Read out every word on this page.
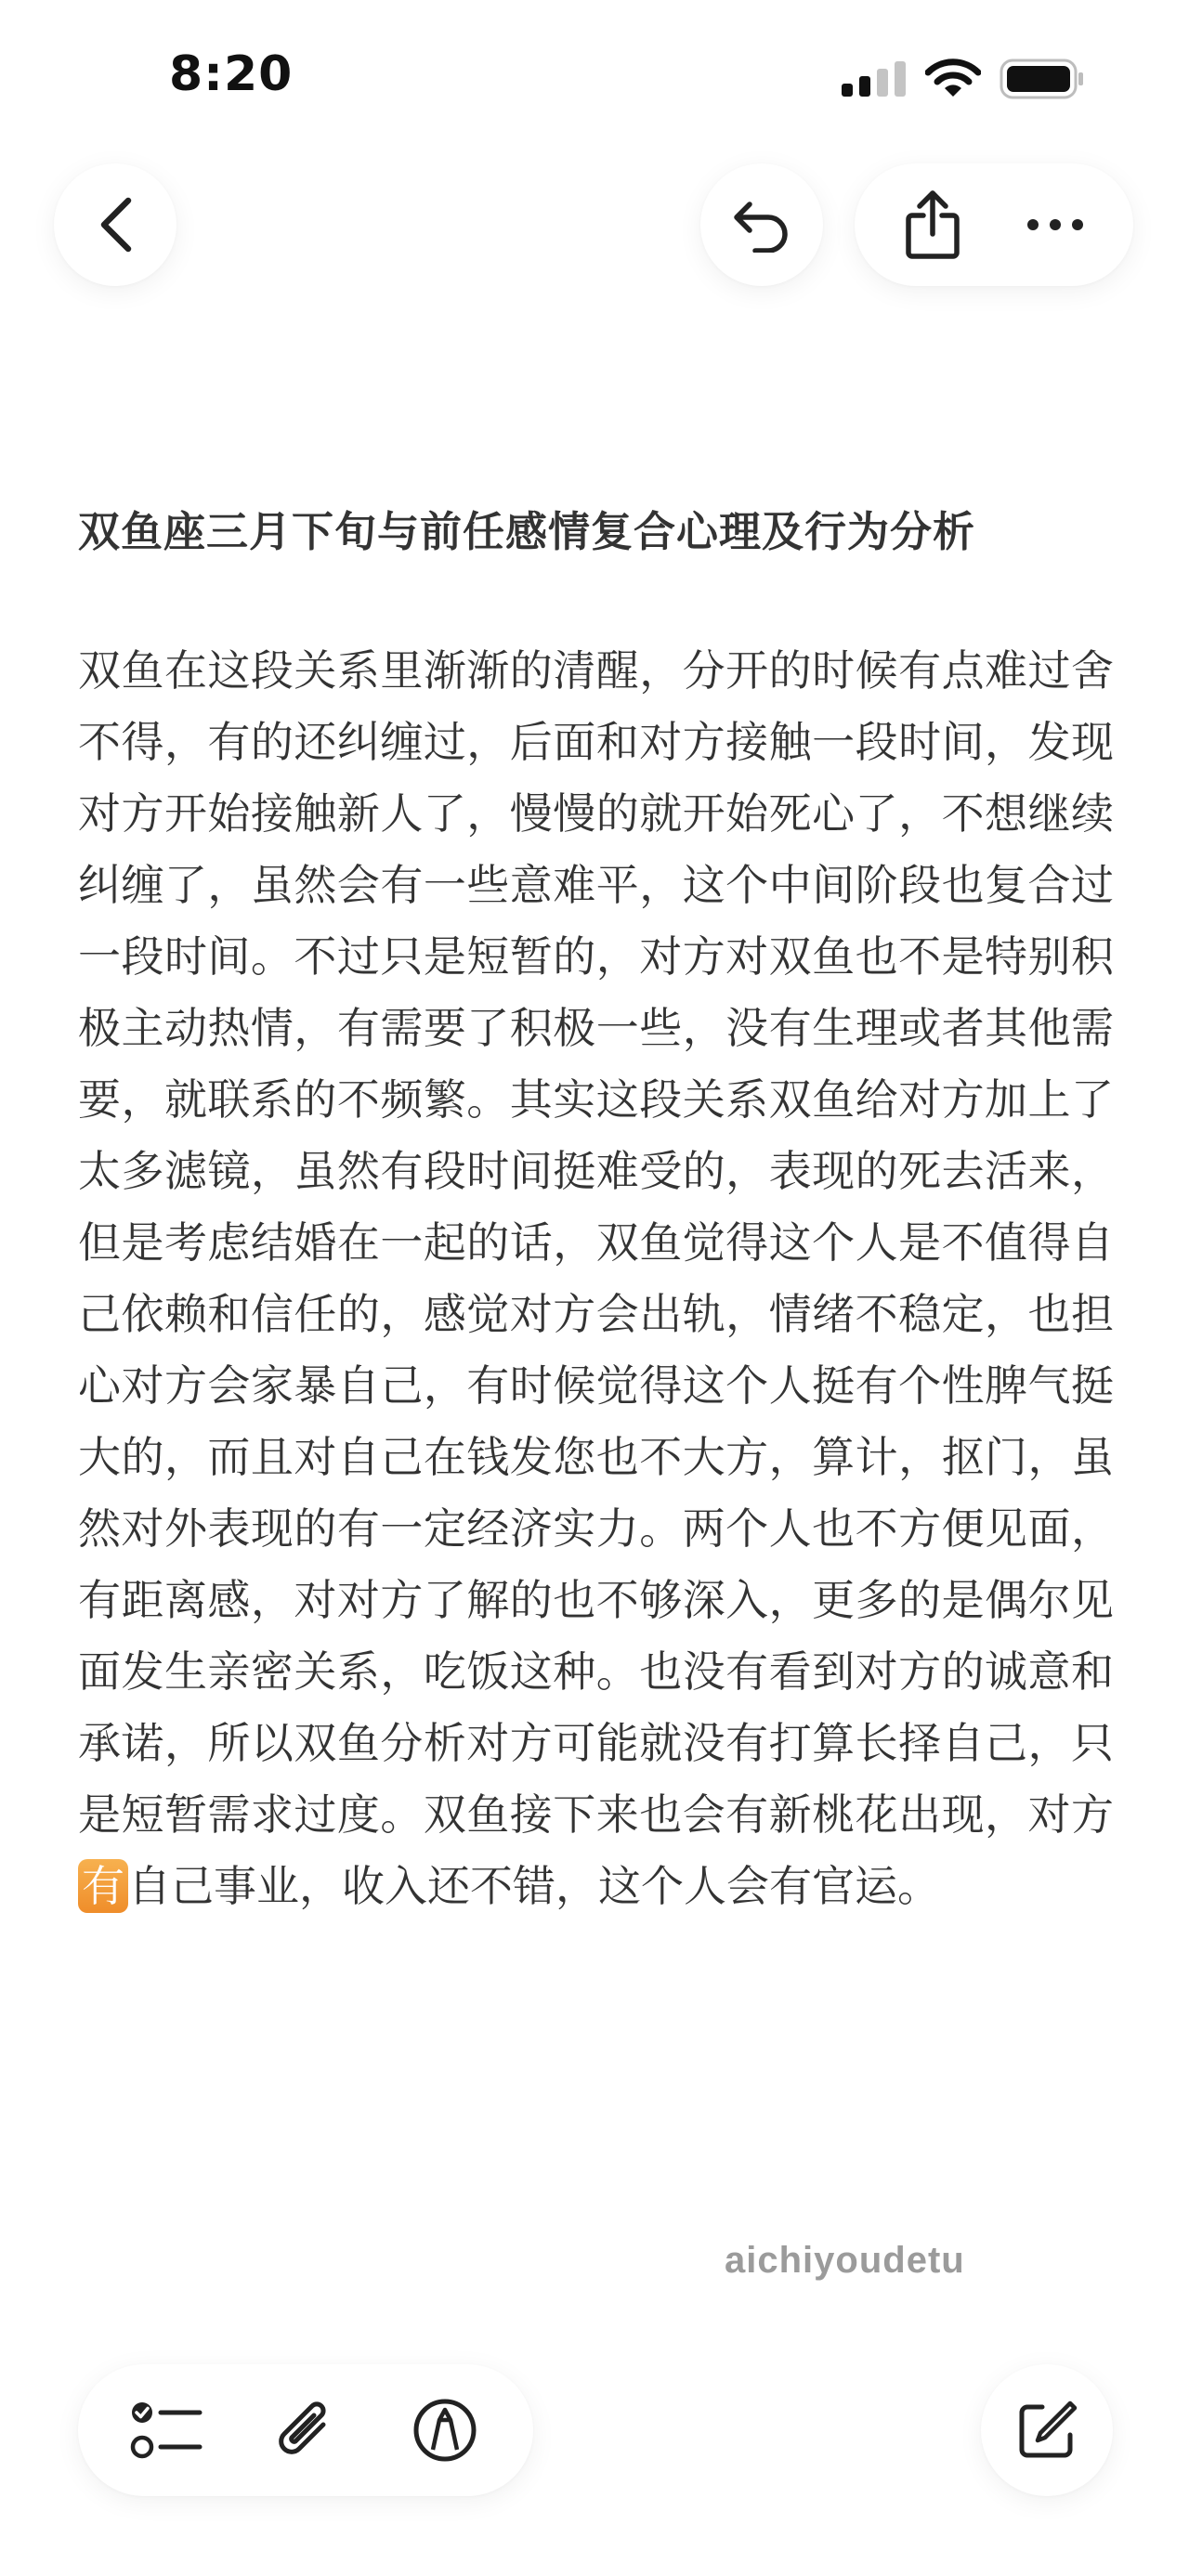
8:20
双鱼座三月下旬与前任感情复合心理及行为分析
双鱼在这段关系里渐渐的清醒，分开的时候有点难过舍不得，有的还纠缠过，后面和对方接触一段时间，发现对方开始接触新人了，慢慢的就开始死心了，不想继续纠缠了，虽然会有一些意难平，这个中间阶段也复合过一段时间。不过只是短暂的，对方对双鱼也不是特别积极主动热情，有需要了积极一些，没有生理或者其他需要，就联系的不频繁。其实这段关系双鱼给对方加上了太多滤镜，虽然有段时间挺难受的，表现的死去活来，但是考虑结婚在一起的话，双鱼觉得这个人是不值得自己依赖和信任的，感觉对方会出轨，情绪不稳定，也担心对方会家暴自己，有时候觉得这个人挺有个性脾气挺大的，而且对自己在钱发您也不大方，算计，抠门，虽然对外表现的有一定经济实力。两个人也不方便见面，有距离感，对对方了解的也不够深入，更多的是偶尔见面发生亲密关系，吃饭这种。也没有看到对方的诚意和承诺，所以双鱼分析对方可能就没有打算长择自己，只是短暂需求过度。双鱼接下来也会有新桃花出现，对方有自己事业，收入还不错，这个人会有官运。
aichiyoudetu
